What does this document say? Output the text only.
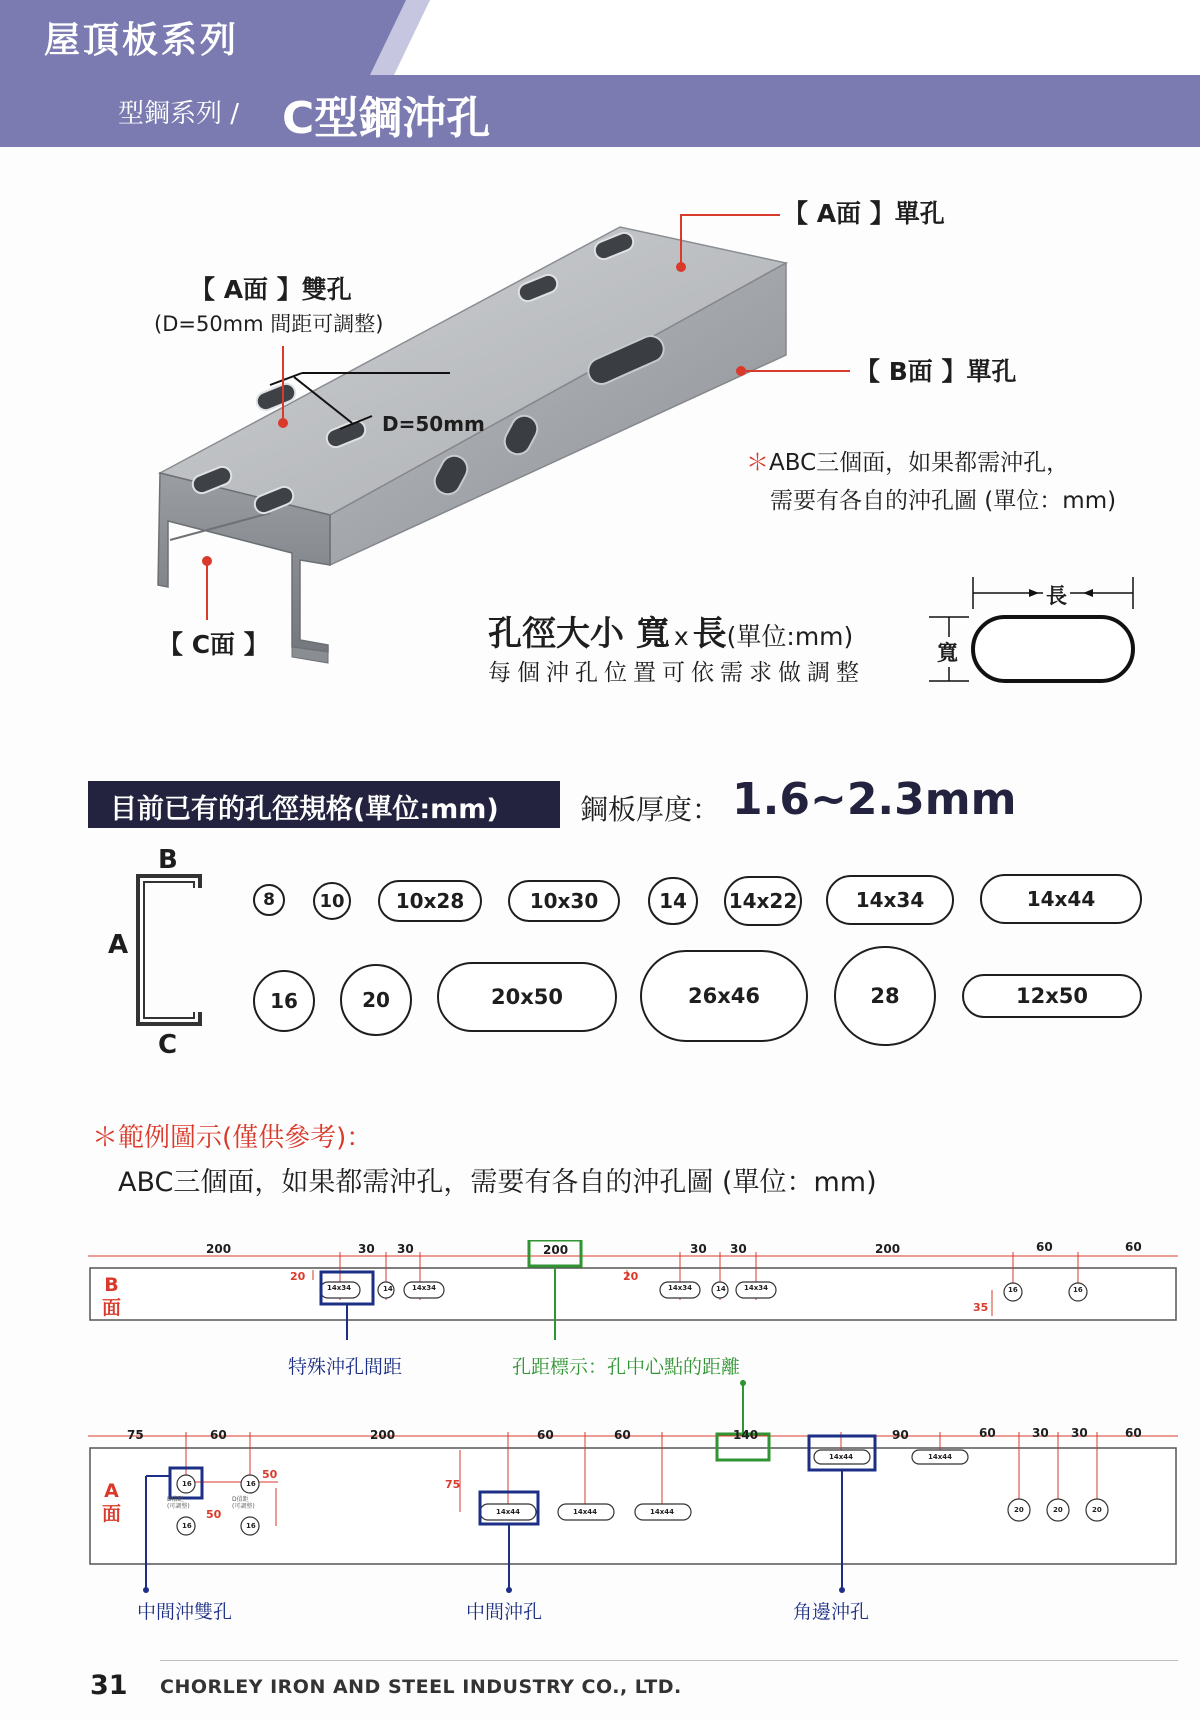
屋頂板系列
型鋼系列 / C型鋼沖孔
D=50mm
【 A面 】單孔
【 A面 】雙孔
(D=50mm 間距可調整)
【 B面 】單孔
【 C面 】
＊ABC三個面，如果都需沖孔，
需要有各自的沖孔圖 (單位：mm)
孔徑大小 寬 x 長(單位:mm)
每個沖孔位置可依需求做調整
長
寬
目前已有的孔徑規格(單位:mm)	鋼板厚度： 1.6~2.3mm
B
A
C
8	10	10x28	10x30	14	14x22	14x34	14x44
16	20	20x50	26x46	28	12x50
＊範例圖示(僅供參考)：
ABC三個面，如果都需沖孔，需要有各自的沖孔圖 (單位：mm)
200	30 30	200	30 30	200	60	60
20	20
35
B
面
14x34	14	14x34	14x34	14	14x34	16	16
特殊沖孔間距	孔距標示：孔中心點的距離
75	60	200	60	60	140	90	60	30 30	60
50
50
75
A
面
16	16
16	16
14x44	14x44	14x44
14x44	14x44
20	20	20
D值距
(可調整)
D值距
(可調整)
中間沖雙孔	中間沖孔	角邊沖孔
31 CHORLEY IRON AND STEEL INDUSTRY CO., LTD.
